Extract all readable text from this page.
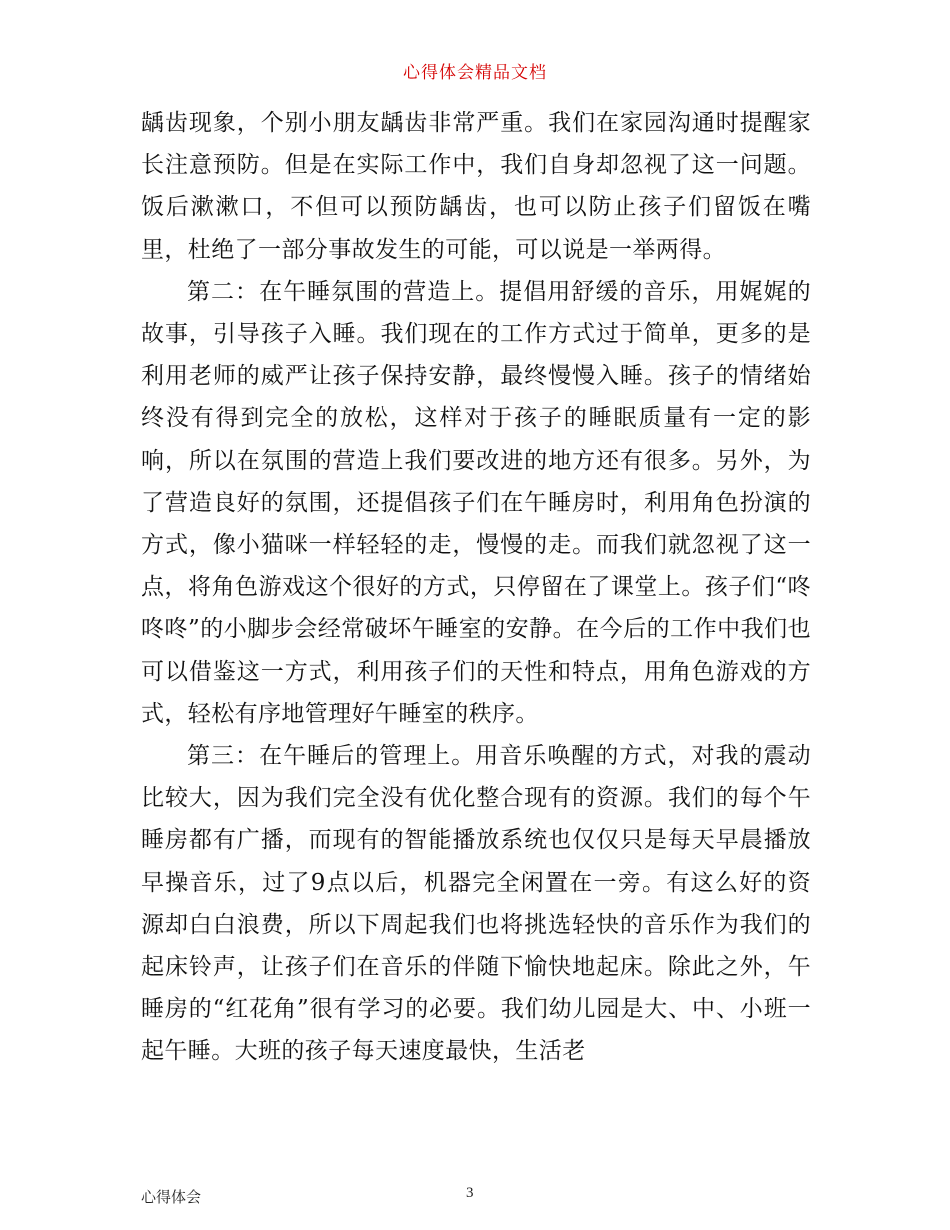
心得体会精品文档

龋齿现象，个别小朋友龋齿非常严重。我们在家园沟通时提醒家长注意预防。但是在实际工作中，我们自身却忽视了这一问题。饭后漱漱口，不但可以预防龋齿，也可以防止孩子们留饭在嘴里，杜绝了一部分事故发生的可能，可以说是一举两得。

第二：在午睡氛围的营造上。提倡用舒缓的音乐，用娓娓的故事，引导孩子入睡。我们现在的工作方式过于简单，更多的是利用老师的威严让孩子保持安静，最终慢慢入睡。孩子的情绪始终没有得到完全的放松，这样对于孩子的睡眠质量有一定的影响，所以在氛围的营造上我们要改进的地方还有很多。另外，为了营造良好的氛围，还提倡孩子们在午睡房时，利用角色扮演的方式，像小猫咪一样轻轻的走，慢慢的走。而我们就忽视了这一点，将角色游戏这个很好的方式，只停留在了课堂上。孩子们“咚咚咚”的小脚步会经常破坏午睡室的安静。在今后的工作中我们也可以借鉴这一方式，利用孩子们的天性和特点，用角色游戏的方式，轻松有序地管理好午睡室的秩序。

第三：在午睡后的管理上。用音乐唤醒的方式，对我的震动比较大，因为我们完全没有优化整合现有的资源。我们的每个午睡房都有广播，而现有的智能播放系统也仅仅只是每天早晨播放早操音乐，过了9点以后，机器完全闲置在一旁。有这么好的资源却白白浪费，所以下周起我们也将挑选轻快的音乐作为我们的起床铃声，让孩子们在音乐的伴随下愉快地起床。除此之外，午睡房的“红花角”很有学习的必要。我们幼儿园是大、中、小班一起午睡。大班的孩子每天速度最快，生活老

心得体会	3
